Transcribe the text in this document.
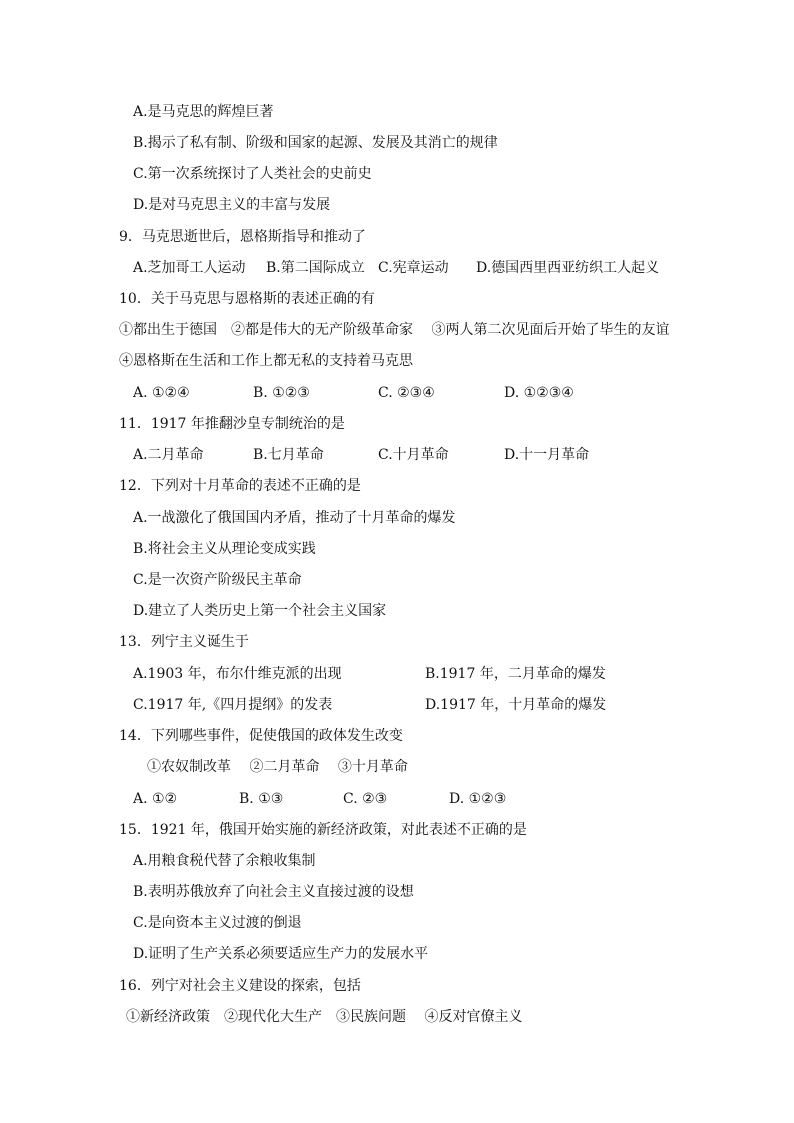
A.是马克思的辉煌巨著
B.揭示了私有制、阶级和国家的起源、发展及其消亡的规律
C.第一次系统探讨了人类社会的史前史
D.是对马克思主义的丰富与发展
9．马克思逝世后，恩格斯指导和推动了
A.芝加哥工人运动 B.第二国际成立 C.宪章运动 D.德国西里西亚纺织工人起义
10．关于马克思与恩格斯的表述正确的有
①都出生于德国　②都是伟大的无产阶级革命家　 ③两人第二次见面后开始了毕生的友谊
④恩格斯在生活和工作上都无私的支持着马克思
A. ①②④	B. ①②③	C. ②③④	D. ①②③④
11．1917 年推翻沙皇专制统治的是
A.二月革命	B.七月革命	C.十月革命	D.十一月革命
12．下列对十月革命的表述不正确的是
A.一战激化了俄国国内矛盾，推动了十月革命的爆发
B.将社会主义从理论变成实践
C.是一次资产阶级民主革命
D.建立了人类历史上第一个社会主义国家
13．列宁主义诞生于
A.1903 年，布尔什维克派的出现	B.1917 年，二月革命的爆发
C.1917 年,《四月提纲》的发表	D.1917 年，十月革命的爆发
14．下列哪些事件，促使俄国的政体发生改变
①农奴制改革　 ②二月革命　 ③十月革命
A. ①②	B. ①③	C. ②③	D. ①②③
15．1921 年，俄国开始实施的新经济政策，对此表述不正确的是
A.用粮食税代替了余粮收集制
B.表明苏俄放弃了向社会主义直接过渡的设想
C.是向资本主义过渡的倒退
D.证明了生产关系必须要适应生产力的发展水平
16．列宁对社会主义建设的探索，包括
①新经济政策　②现代化大生产　③民族问题　 ④反对官僚主义
